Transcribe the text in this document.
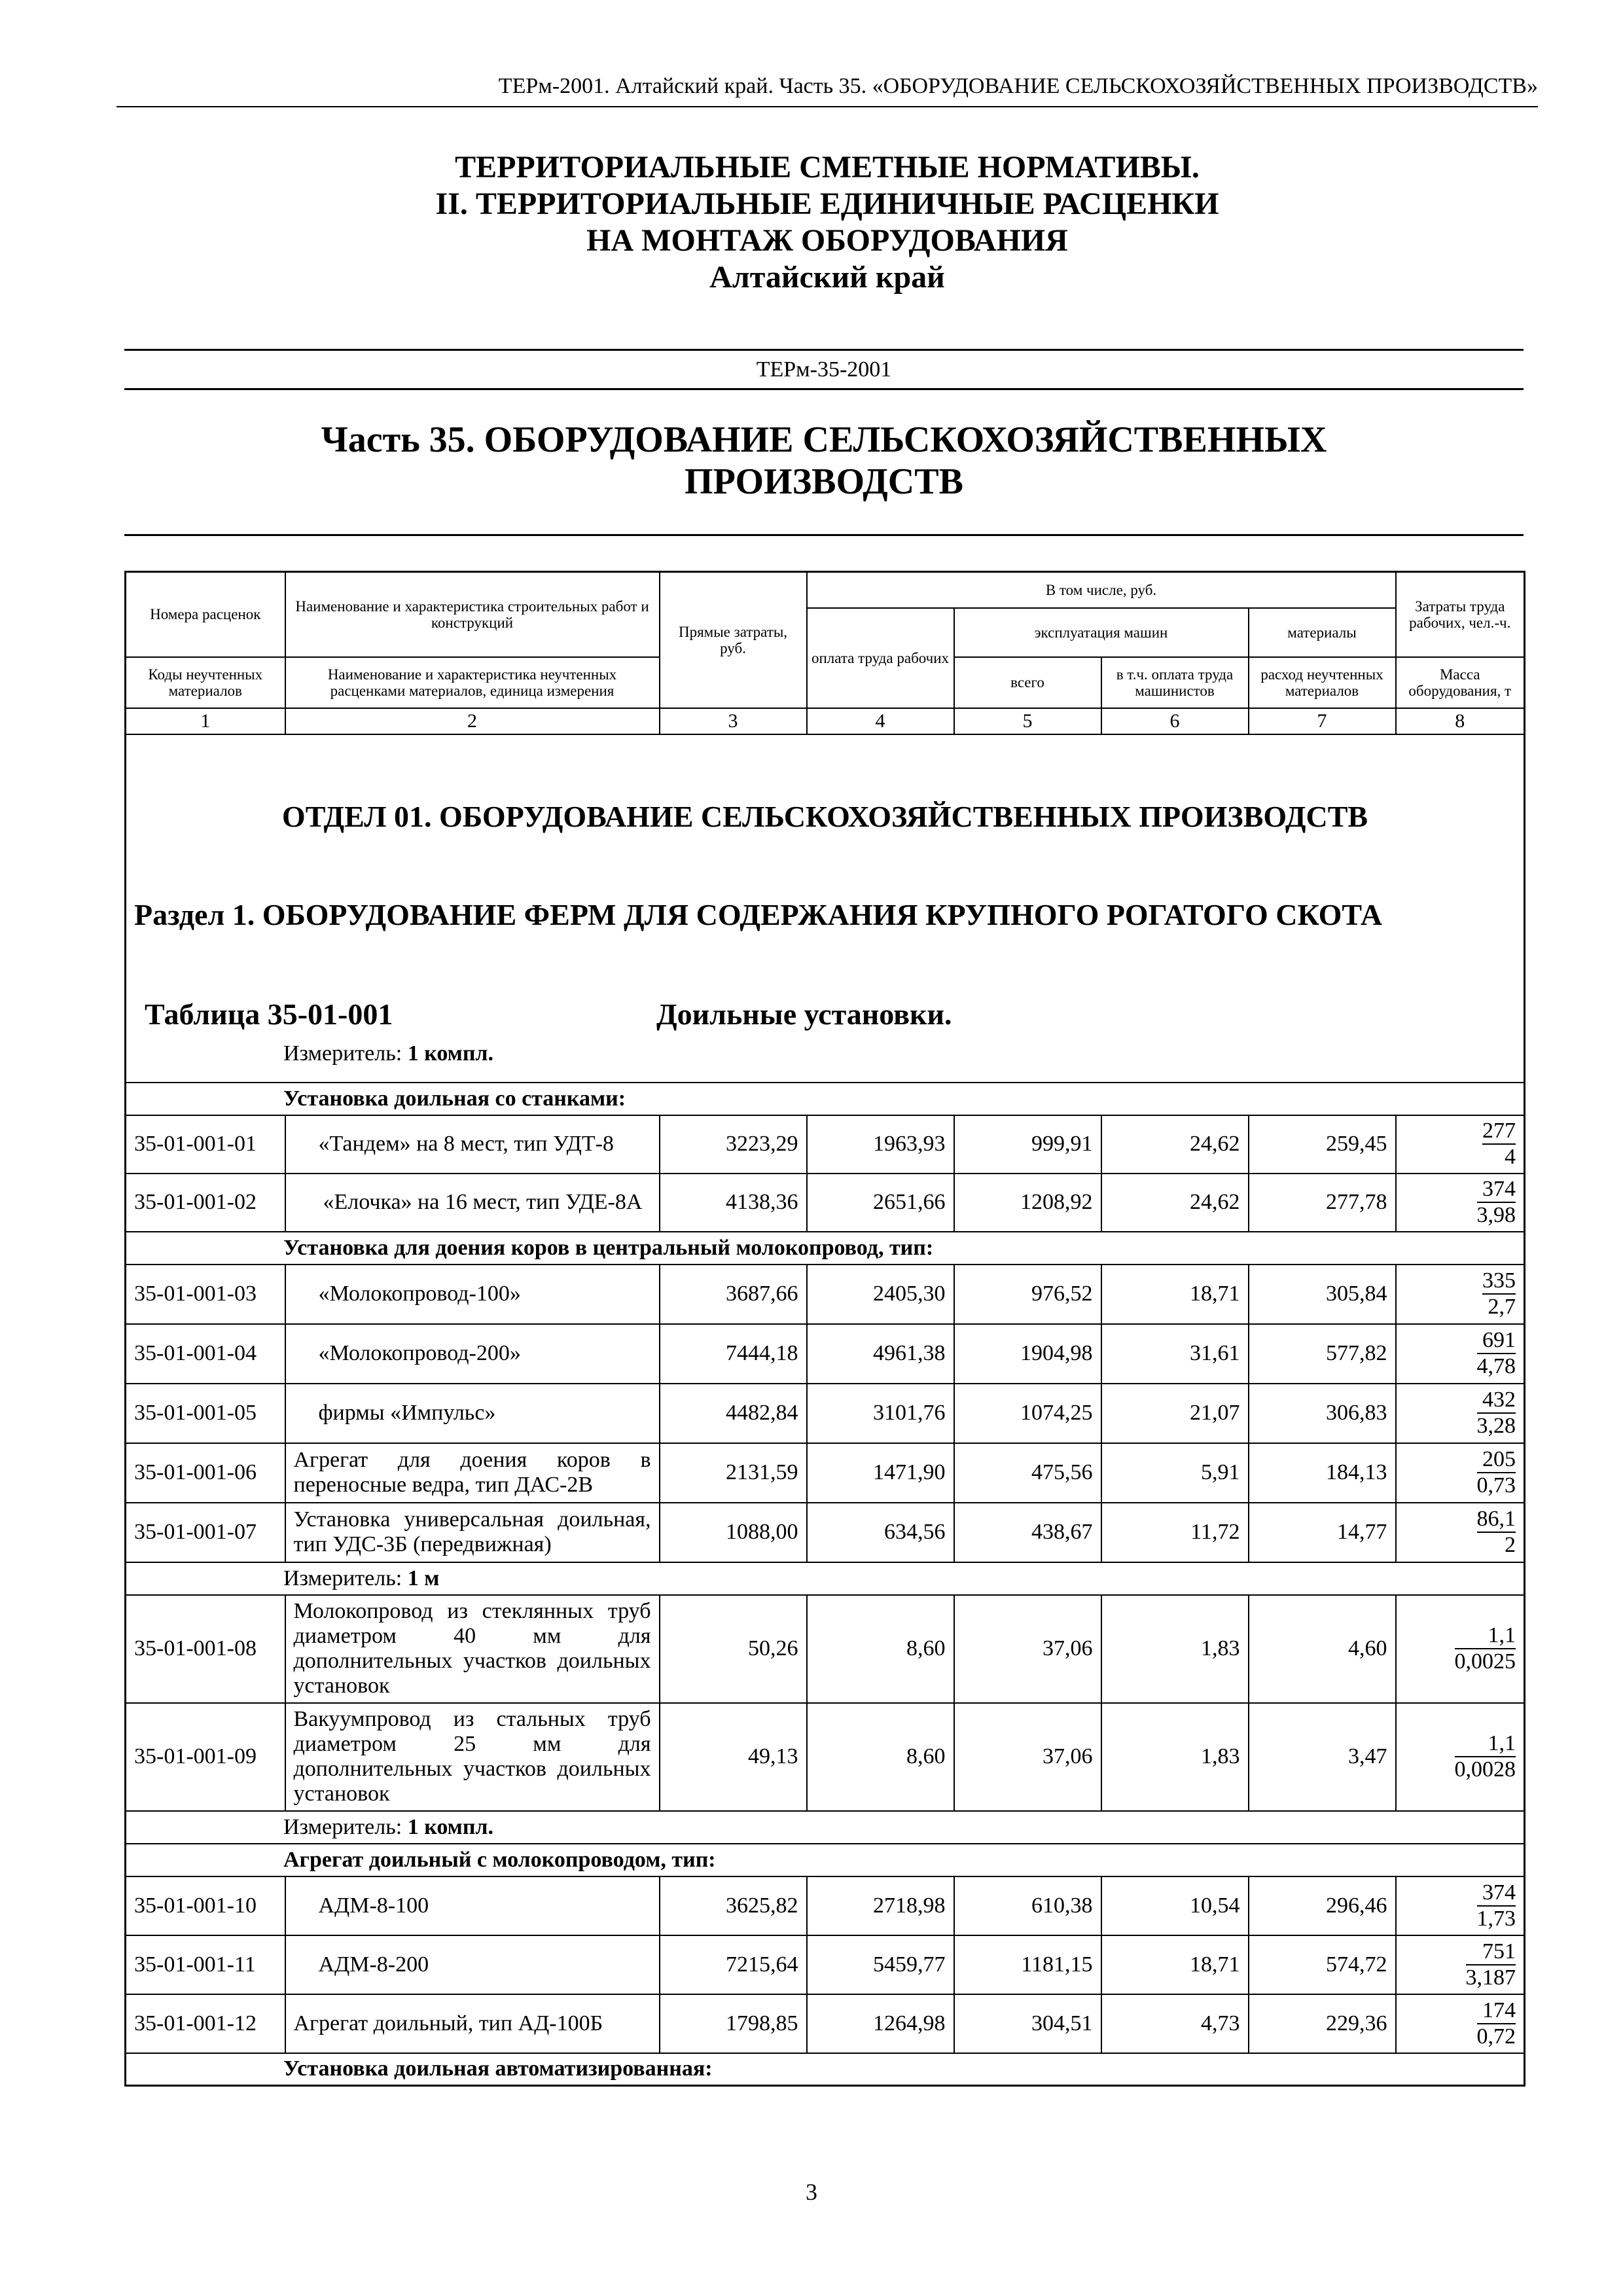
ТЕРм-2001. Алтайский край. Часть 35. «ОБОРУДОВАНИЕ СЕЛЬСКОХОЗЯЙСТВЕННЫХ ПРОИЗВОДСТВ»
ТЕРРИТОРИАЛЬНЫЕ СМЕТНЫЕ НОРМАТИВЫ.
II. ТЕРРИТОРИАЛЬНЫЕ ЕДИНИЧНЫЕ РАСЦЕНКИ
НА МОНТАЖ ОБОРУДОВАНИЯ
Алтайский край
ТЕРм-35-2001
Часть 35. ОБОРУДОВАНИЕ СЕЛЬСКОХОЗЯЙСТВЕННЫХ
ПРОИЗВОДСТВ
Номера расценок	Наименование и характеристика строительных работ и конструкций	Прямые затраты, руб.	В том числе, руб.				Затраты труда рабочих, чел.-ч.
			оплата труда рабочих	эксплуатация машин		материалы	
Коды неучтенных материалов	Наименование и характеристика неучтенных расценками материалов, единица измерения			всего	в т.ч. оплата труда машинистов	расход неучтенных материалов	Масса оборудования, т
1	2	3	4	5	6	7	8

ОТДЕЛ 01. ОБОРУДОВАНИЕ СЕЛЬСКОХОЗЯЙСТВЕННЫХ ПРОИЗВОДСТВ
Раздел 1. ОБОРУДОВАНИЕ ФЕРМ ДЛЯ СОДЕРЖАНИЯ КРУПНОГО РОГАТОГО СКОТА
Таблица 35-01-001 Доильные установки.
Измеритель: 1 компл.							

Установка доильная со станками:							
35-01-001-01	«Тандем» на 8 мест, тип УДТ-8	3223,29	1963,93	999,91	24,62	259,45	$\frac{277}{4}$

35-01-001-02	«Елочка» на 16 мест, тип УДЕ-8А	4138,36	2651,66	1208,92	24,62	277,78	$\frac{374}{3,98}$

Установка для доения коров в центральный молокопровод, тип:							
35-01-001-03	«Молокопровод-100»	3687,66	2405,30	976,52	18,71	305,84	$\frac{335}{2,7}$

35-01-001-04	«Молокопровод-200»	7444,18	4961,38	1904,98	31,61	577,82	$\frac{691}{4,78}$

35-01-001-05	фирмы «Импульс»	4482,84	3101,76	1074,25	21,07	306,83	$\frac{432}{3,28}$

35-01-001-06	Агрегат для доения коров в переносные ведра, тип ДАС-2В	2131,59	1471,90	475,56	5,91	184,13	$\frac{205}{0,73}$

35-01-001-07	Установка универсальная доильная, тип УДС-3Б (передвижная)	1088,00	634,56	438,67	11,72	14,77	$\frac{86,1}{2}$

Измеритель: 1 м							
35-01-001-08	Молокопровод из стеклянных труб диаметром 40 мм для дополнительных участков доильных установок	50,26	8,60	37,06	1,83	4,60	$\frac{1,1}{0,0025}$

35-01-001-09	Вакуумпровод из стальных труб диаметром 25 мм для дополнительных участков доильных установок	49,13	8,60	37,06	1,83	3,47	$\frac{1,1}{0,0028}$

Измеритель: 1 компл.							
Агрегат доильный с молокопроводом, тип:							
35-01-001-10	АДМ-8-100	3625,82	2718,98	610,38	10,54	296,46	$\frac{374}{1,73}$

35-01-001-11	АДМ-8-200	7215,64	5459,77	1181,15	18,71	574,72	$\frac{751}{3,187}$

35-01-001-12	Агрегат доильный, тип АД-100Б	1798,85	1264,98	304,51	4,73	229,36	$\frac{174}{0,72}$

Установка доильная автоматизированная:							
3
